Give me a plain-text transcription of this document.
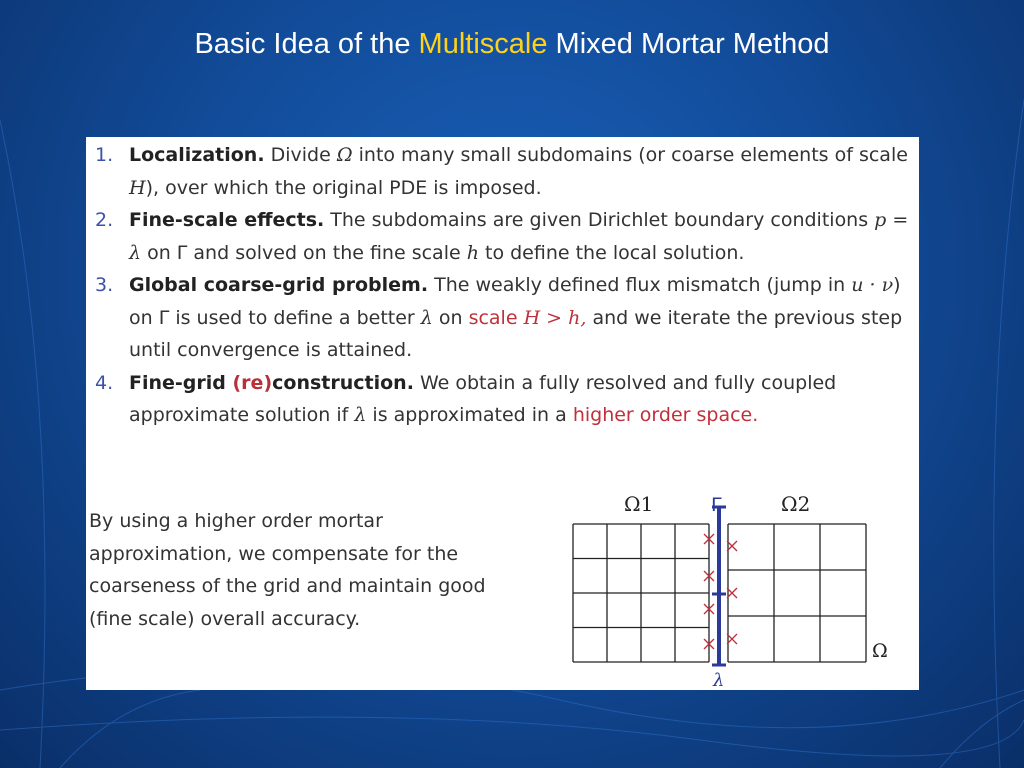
Basic Idea of the Multiscale Mixed Mortar Method
1. Localization. Divide Ω into many small subdomains (or coarse elements of scale H), over which the original PDE is imposed.
2. Fine-scale effects. The subdomains are given Dirichlet boundary conditions p = λ on Γ and solved on the fine scale h to define the local solution.
3. Global coarse-grid problem. The weakly defined flux mismatch (jump in u · ν) on Γ is used to define a better λ on scale H > h, and we iterate the previous step until convergence is attained.
4. Fine-grid (re)construction. We obtain a fully resolved and fully coupled approximate solution if λ is approximated in a higher order space.
By using a higher order mortar approximation, we compensate for the coarseness of the grid and maintain good (fine scale) overall accuracy.
Ω1	Ω2
Γ
λ
Ω
